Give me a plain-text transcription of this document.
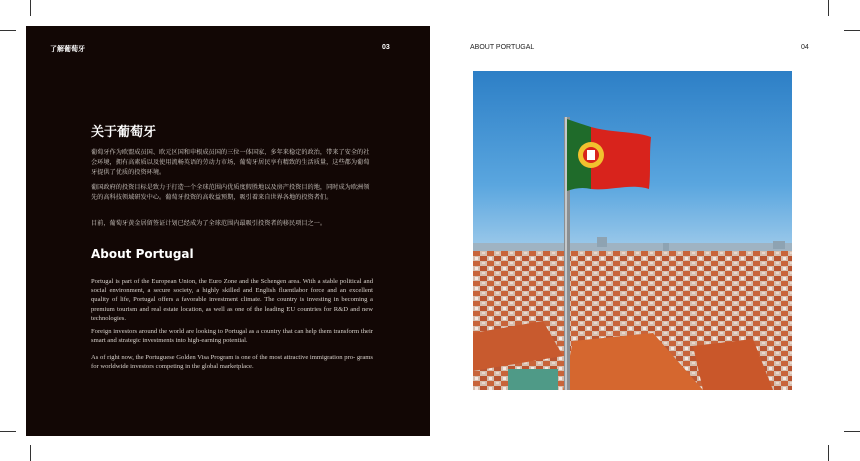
了解葡萄牙	03
关于葡萄牙

葡萄牙作为欧盟成员国、欧元区国和申根成员国的三位一体国家，多年来稳定的政治，带来了安全的社会环境，拥有高素质以及使用流畅英语的劳动力市场，葡萄牙居民享有精致的生活质量，这些都为葡萄牙提供了优质的投资环境。

葡国政府的投资目标是致力于打造一个全球范围内优质度假胜地以及房产投资目的地，同时成为欧洲领先的高科技领域研发中心。葡萄牙投资的高收益预期，吸引着来自世界各地的投资者们。

目前，葡萄牙黄金居留签证计划已经成为了全球范围内最吸引投资者的移民项目之一。

About Portugal

Portugal is part of the European Union, the Euro Zone and the Schengen area. With a stable political and social environment, a secure society, a highly skilled and English fluentlabor force and an excellent quality of life, Portugal offers a favorable investment climate. The country is investing in becoming a premium tourism and real estate location, as well as one of the leading EU countries for R&D and new technologies.

Foreign investors around the world are looking to Portugal as a country that can help them transform their smart and strategic investments into high-earning potential.

As of right now, the Portuguese Golden Visa Program is one of the most attractive immigration pro- grams for worldwide investors competing in the global marketplace.

ABOUT PORTUGAL	04
